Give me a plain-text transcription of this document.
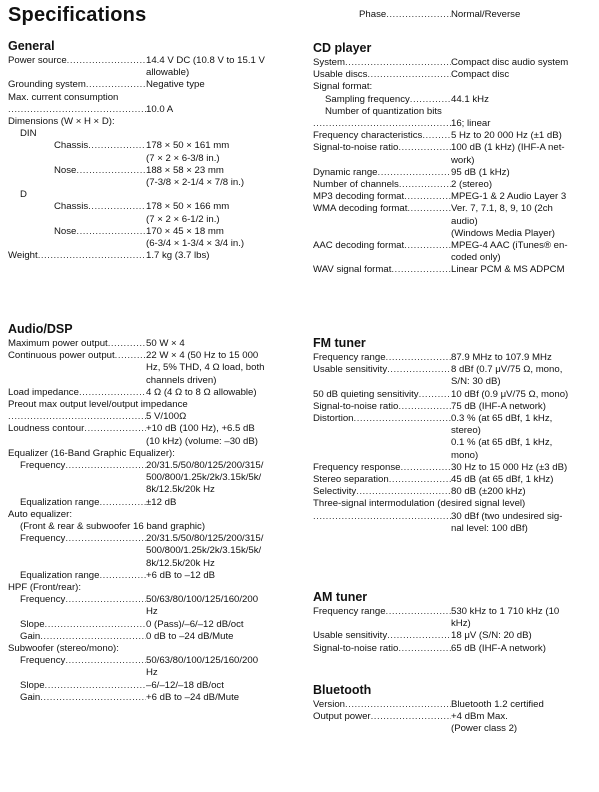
Specifications
General
Power source .....	14.4 V DC (10.8 V to 15.1 V
allowable)
Grounding system .....	Negative type
Max. current consumption
.....
10.0 A
Dimensions (W × H × D):
DIN
Chassis .....	178 × 50 × 161 mm
(7 × 2 × 6-3/8 in.)
Nose .....	188 × 58 × 23 mm
(7-3/8 × 2-1/4 × 7/8 in.)
D
Chassis .....	178 × 50 × 166 mm
(7 × 2 × 6-1/2 in.)
Nose .....	170 × 45 × 18 mm
(6-3/4 × 1-3/4 × 3/4 in.)
Weight .....	1.7 kg (3.7 lbs)
Audio/DSP
Maximum power output .....	50 W × 4
Continuous power output .....	22 W × 4 (50 Hz to 15 000
Hz, 5% THD, 4 Ω load, both
channels driven)
Load impedance .....	4 Ω (4 Ω to 8 Ω allowable)
Preout max output level/output impedance
.....
5 V/100Ω
Loudness contour .....	+10 dB (100 Hz), +6.5 dB
(10 kHz) (volume: –30 dB)
Equalizer (16-Band Graphic Equalizer):
Frequency .....	20/31.5/50/80/125/200/315/
500/800/1.25k/2k/3.15k/5k/
8k/12.5k/20k Hz
Equalization range .....	±12 dB
Auto equalizer:
(Front & rear & subwoofer 16 band graphic)
Frequency .....	20/31.5/50/80/125/200/315/
500/800/1.25k/2k/3.15k/5k/
8k/12.5k/20k Hz
Equalization range .....	+6 dB to –12 dB
HPF (Front/rear):
Frequency .....	50/63/80/100/125/160/200
Hz
Slope .....	0 (Pass)/–6/–12 dB/oct
Gain .....	0 dB to –24 dB/Mute
Subwoofer (stereo/mono):
Frequency .....	50/63/80/100/125/160/200
Hz
Slope .....	–6/–12/–18 dB/oct
Gain .....	+6 dB to –24 dB/Mute
Phase .....	Normal/Reverse
CD player
System .....	Compact disc audio system
Usable discs .....	Compact disc
Signal format:
Sampling frequency .....	44.1 kHz
Number of quantization bits
.....
16; linear
Frequency characteristics .....	5 Hz to 20 000 Hz (±1 dB)
Signal-to-noise ratio .....	100 dB (1 kHz) (IHF-A net-
work)
Dynamic range .....	95 dB (1 kHz)
Number of channels .....	2 (stereo)
MP3 decoding format .....	MPEG-1 & 2 Audio Layer 3
WMA decoding format .....	Ver. 7, 7.1, 8, 9, 10 (2ch
audio)
(Windows Media Player)
AAC decoding format .....	MPEG-4 AAC (iTunes® en-
coded only)
WAV signal format .....	Linear PCM & MS ADPCM
FM tuner
Frequency range .....	87.9 MHz to 107.9 MHz
Usable sensitivity .....	8 dBf (0.7 μV/75 Ω, mono,
S/N: 30 dB)
50 dB quieting sensitivity .....	10 dBf (0.9 μV/75 Ω, mono)
Signal-to-noise ratio .....	75 dB (IHF-A network)
Distortion .....	0.3 % (at 65 dBf, 1 kHz,
stereo)
0.1 % (at 65 dBf, 1 kHz,
mono)
Frequency response .....	30 Hz to 15 000 Hz (±3 dB)
Stereo separation .....	45 dB (at 65 dBf, 1 kHz)
Selectivity .....	80 dB (±200 kHz)
Three-signal intermodulation (desired signal level)
.....
30 dBf (two undesired sig-
nal level: 100 dBf)
AM tuner
Frequency range .....	530 kHz to 1 710 kHz (10
kHz)
Usable sensitivity .....	18 μV (S/N: 20 dB)
Signal-to-noise ratio .....	65 dB (IHF-A network)
Bluetooth
Version .....	Bluetooth 1.2 certified
Output power .....	+4 dBm Max.
(Power class 2)
